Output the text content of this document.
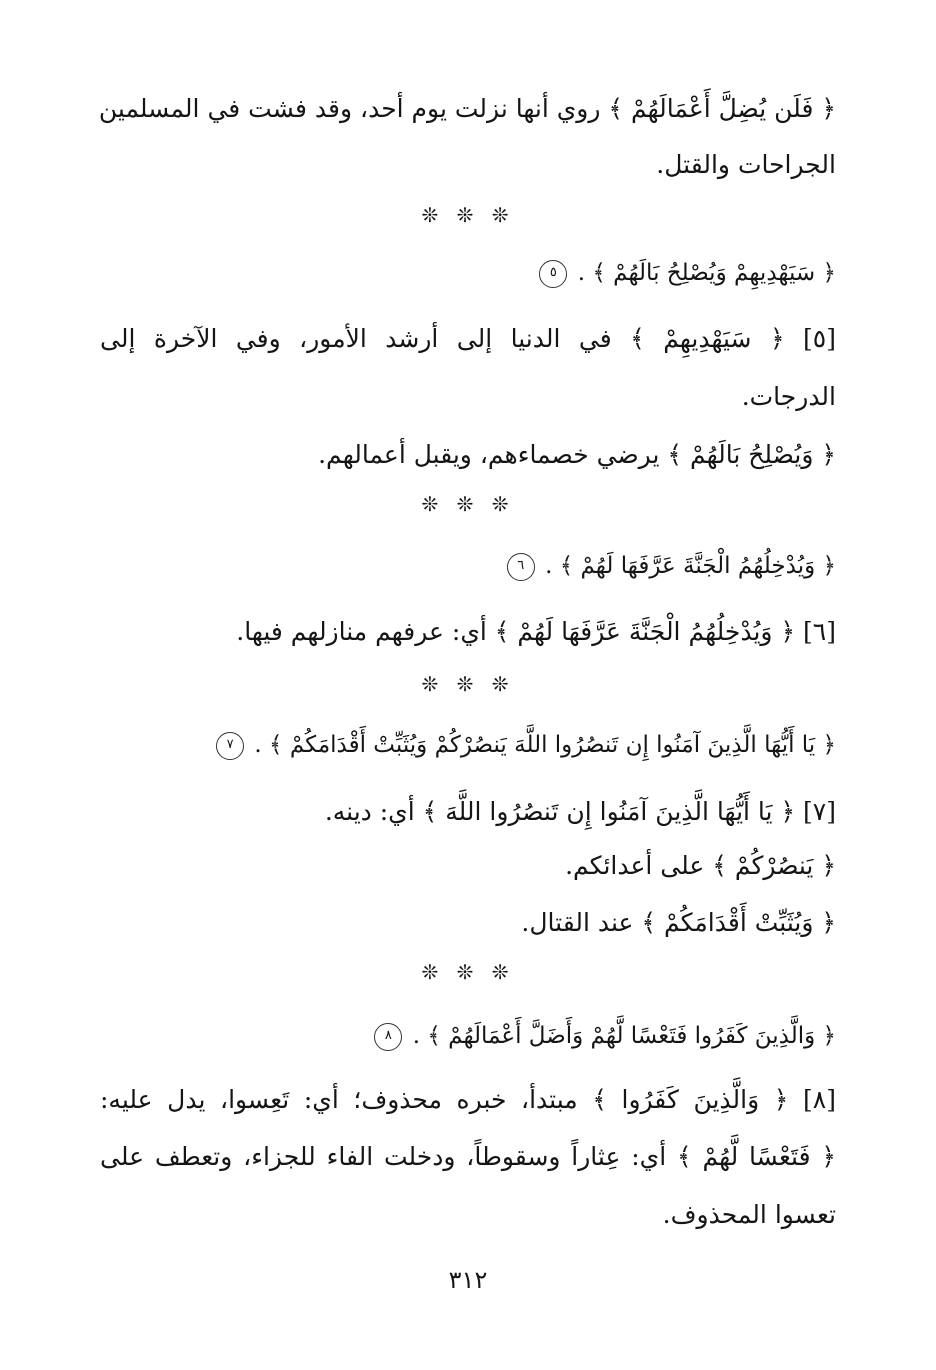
﴿ فَلَن يُضِلَّ أَعْمَالَهُمْ ﴾ روي أنها نزلت يوم أحد، وقد فشت في المسلمين

الجراحات والقتل.

❊ ❊ ❊

﴿ سَيَهْدِيهِمْ وَيُصْلِحُ بَالَهُمْ ﴾ . ٥

[٥] ﴿ سَيَهْدِيهِمْ ﴾ في الدنيا إلى أرشد الأمور، وفي الآخرة إلى

الدرجات.

﴿ وَيُصْلِحُ بَالَهُمْ ﴾ يرضي خصماءهم، ويقبل أعمالهم.

❊ ❊ ❊

﴿ وَيُدْخِلُهُمُ الْجَنَّةَ عَرَّفَهَا لَهُمْ ﴾ . ٦

[٦] ﴿ وَيُدْخِلُهُمُ الْجَنَّةَ عَرَّفَهَا لَهُمْ ﴾ أي: عرفهم منازلهم فيها.

❊ ❊ ❊

﴿ يَا أَيُّهَا الَّذِينَ آمَنُوا إِن تَنصُرُوا اللَّهَ يَنصُرْكُمْ وَيُثَبِّتْ أَقْدَامَكُمْ ﴾ . ٧

[٧] ﴿ يَا أَيُّهَا الَّذِينَ آمَنُوا إِن تَنصُرُوا اللَّهَ ﴾ أي: دينه.

﴿ يَنصُرْكُمْ ﴾ على أعدائكم.

﴿ وَيُثَبِّتْ أَقْدَامَكُمْ ﴾ عند القتال.

❊ ❊ ❊

﴿ وَالَّذِينَ كَفَرُوا فَتَعْسًا لَّهُمْ وَأَضَلَّ أَعْمَالَهُمْ ﴾ . ٨

[٨] ﴿ وَالَّذِينَ كَفَرُوا ﴾ مبتدأ، خبره محذوف؛ أي: تَعِسوا، يدل عليه:

﴿ فَتَعْسًا لَّهُمْ ﴾ أي: عِثاراً وسقوطاً، ودخلت الفاء للجزاء، وتعطف على

تعسوا المحذوف.

٣١٢
